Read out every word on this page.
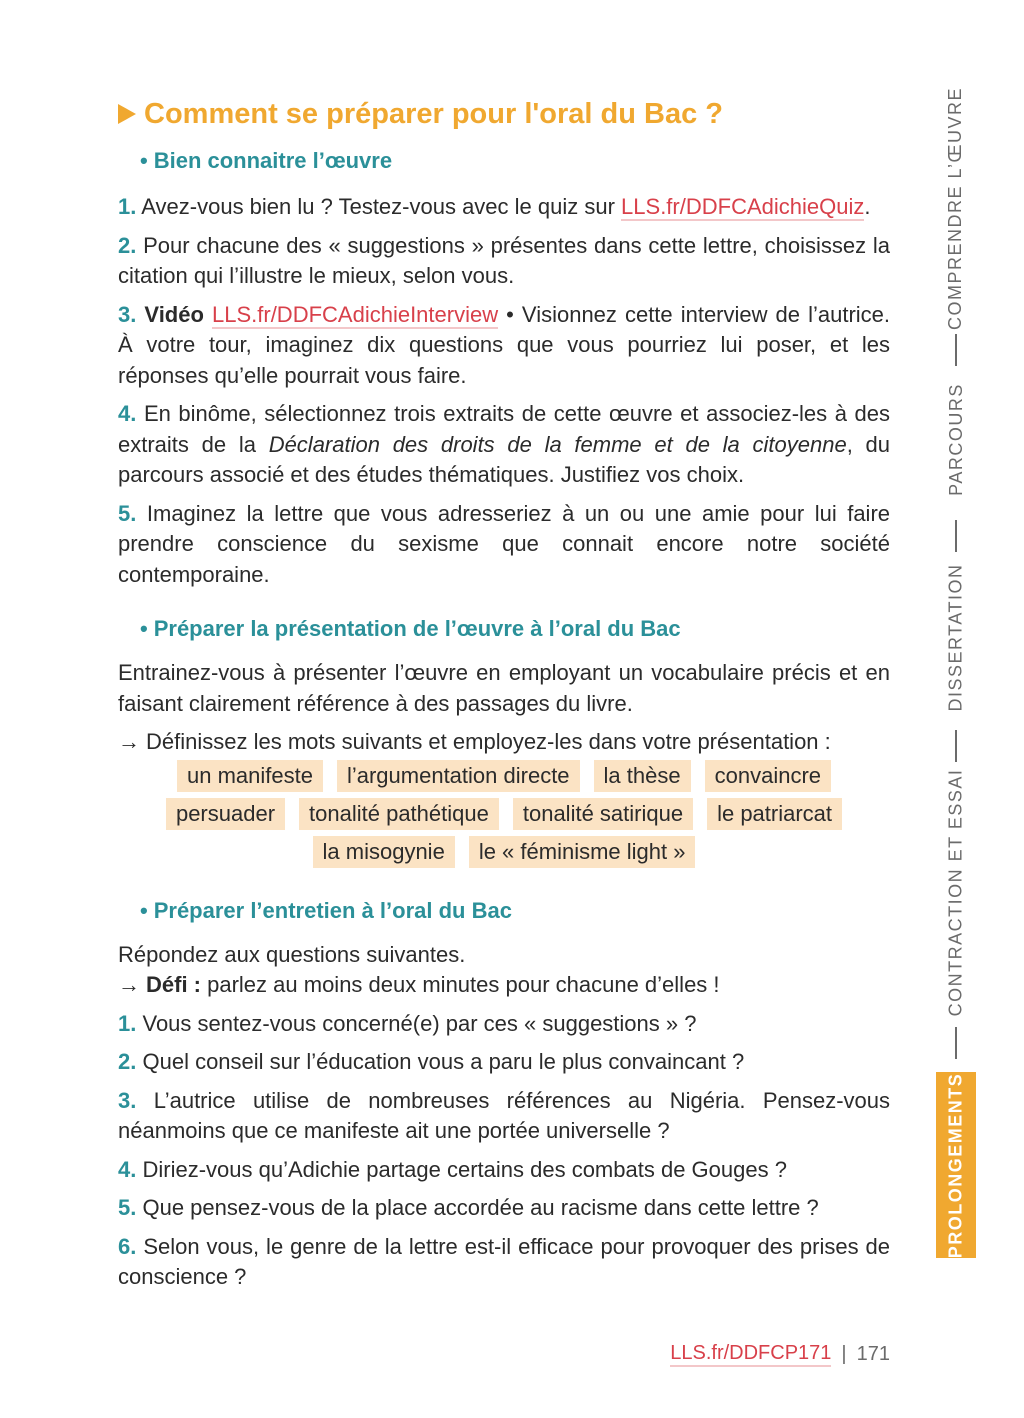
Comment se préparer pour l'oral du Bac ?
• Bien connaitre l’œuvre

1. Avez-vous bien lu ? Testez-vous avec le quiz sur LLS.fr/DDFCAdichieQuiz.

2. Pour chacune des « suggestions » présentes dans cette lettre, choisissez la citation qui l’illustre le mieux, selon vous.

3. Vidéo LLS.fr/DDFCAdichieInterview • Visionnez cette interview de l’autrice. À votre tour, imaginez dix questions que vous pourriez lui poser, et les réponses qu’elle pourrait vous faire.

4. En binôme, sélectionnez trois extraits de cette œuvre et associez-les à des extraits de la Déclaration des droits de la femme et de la citoyenne, du parcours associé et des études thématiques. Justifiez vos choix.

5. Imaginez la lettre que vous adresseriez à un ou une amie pour lui faire prendre conscience du sexisme que connait encore notre société contemporaine.

• Préparer la présentation de l’œuvre à l’oral du Bac

Entrainez-vous à présenter l’œuvre en employant un vocabulaire précis et en faisant clairement référence à des passages du livre.

→ Définissez les mots suivants et employez-les dans votre présentation :

un manifeste	l’argumentation directe	la thèse	convaincre
persuader	tonalité pathétique	tonalité satirique	le patriarcat
la misogynie	le « féminisme light »
• Préparer l’entretien à l’oral du Bac

Répondez aux questions suivantes.

→ Défi : parlez au moins deux minutes pour chacune d’elles !

1. Vous sentez-vous concerné(e) par ces « suggestions » ?

2. Quel conseil sur l’éducation vous a paru le plus convaincant ?

3. L’autrice utilise de nombreuses références au Nigéria. Pensez-vous néanmoins que ce manifeste ait une portée universelle ?

4. Diriez-vous qu’Adichie partage certains des combats de Gouges ?

5. Que pensez-vous de la place accordée au racisme dans cette lettre ?

6. Selon vous, le genre de la lettre est-il efficace pour provoquer des prises de conscience ?

COMPRENDRE L’ŒUVRE
PARCOURS
DISSERTATION
CONTRACTION ET ESSAI
PROLONGEMENTS
LLS.fr/DDFCP171 | 171
